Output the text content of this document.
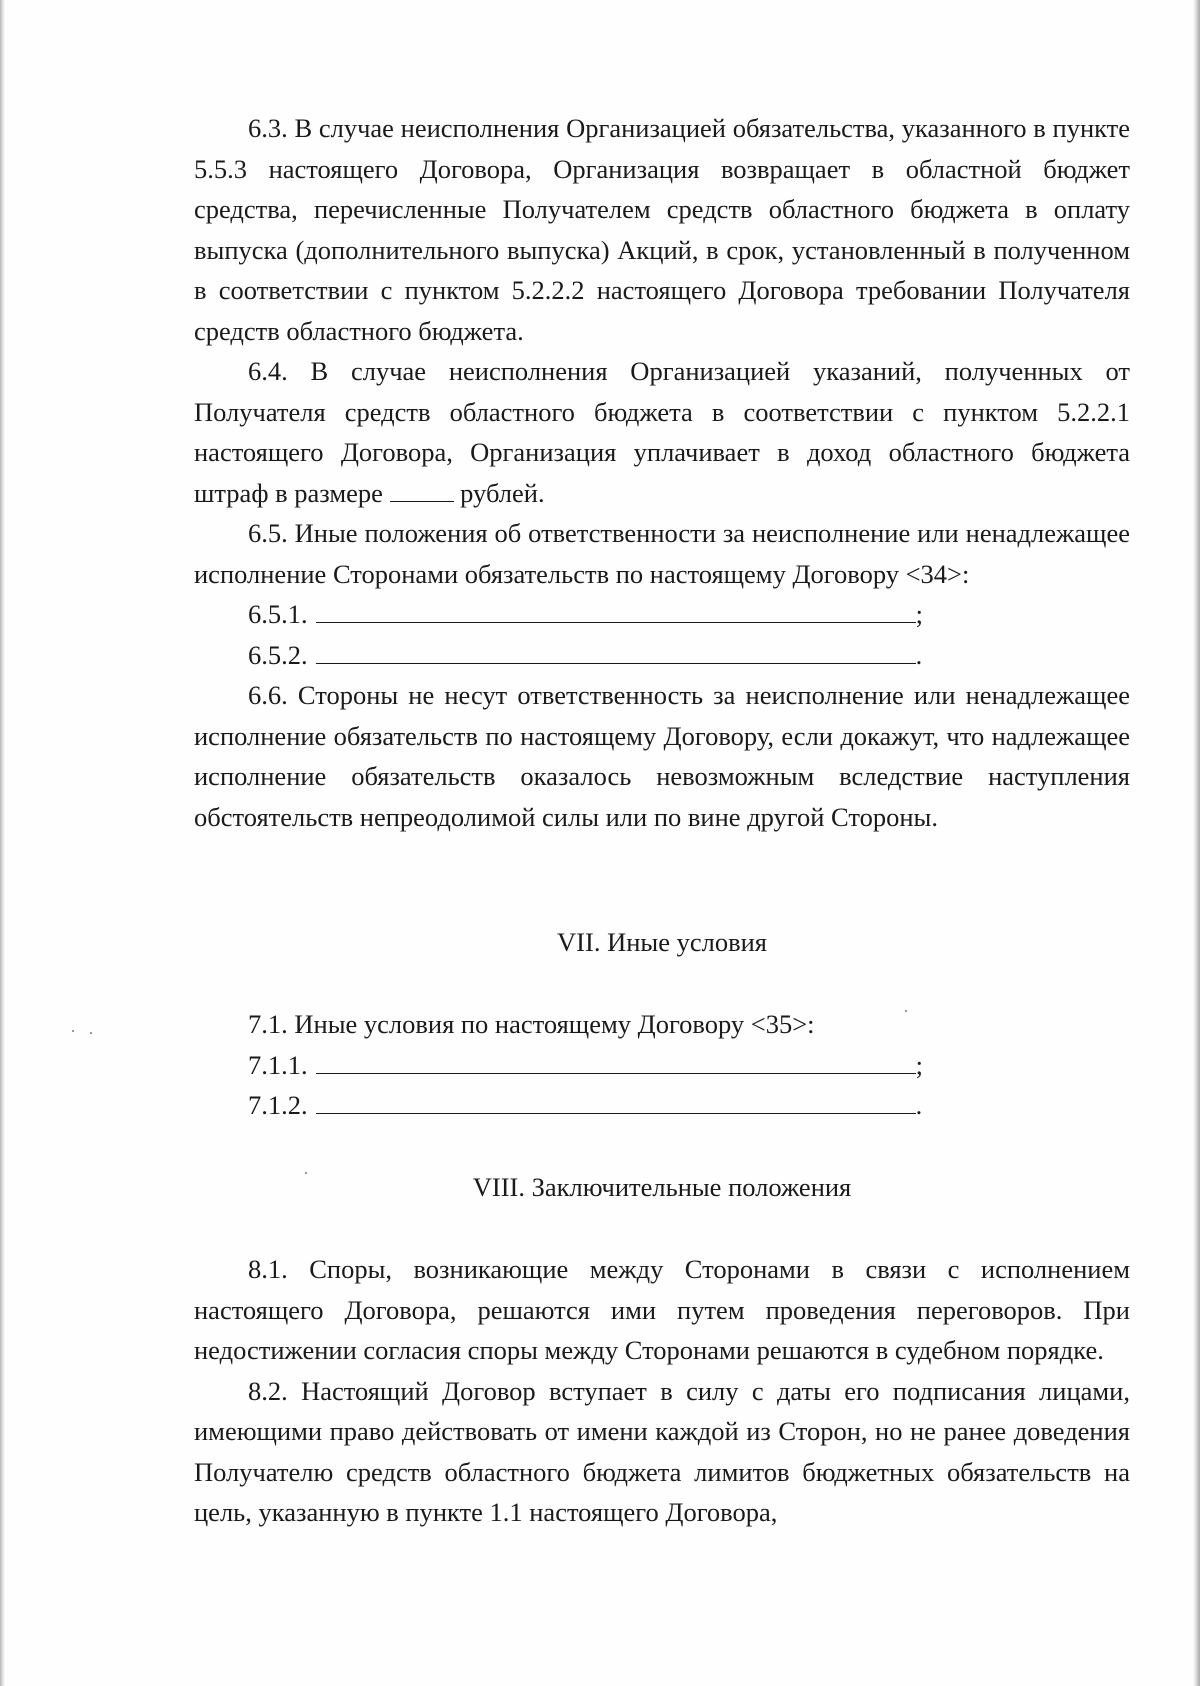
6.3. В случае неисполнения Организацией обязательства, указанного в пункте 5.5.3 настоящего Договора, Организация возвращает в областной бюджет средства, перечисленные Получателем средств областного бюджета в оплату выпуска (дополнительного выпуска) Акций, в срок, установленный в полученном в соответствии с пунктом 5.2.2.2 настоящего Договора требовании Получателя средств областного бюджета.

6.4. В случае неисполнения Организацией указаний, полученных от Получателя средств областного бюджета в соответствии с пунктом 5.2.2.1 настоящего Договора, Организация уплачивает в доход областного бюджета штраф в размере  рублей.

6.5. Иные положения об ответственности за неисполнение или ненадлежащее исполнение Сторонами обязательств по настоящему Договору <34>:

6.5.1.	;
6.5.2.	.

6.6. Стороны не несут ответственность за неисполнение или ненадлежащее исполнение обязательств по настоящему Договору, если докажут, что надлежащее исполнение обязательств оказалось невозможным вследствие наступления обстоятельств непреодолимой силы или по вине другой Стороны.

VII. Иные условия

7.1. Иные условия по настоящему Договору <35>:

7.1.1.	;
7.1.2.	.

VIII. Заключительные положения

8.1. Споры, возникающие между Сторонами в связи с исполнением настоящего Договора, решаются ими путем проведения переговоров. При недостижении согласия споры между Сторонами решаются в судебном порядке.

8.2. Настоящий Договор вступает в силу с даты его подписания лицами, имеющими право действовать от имени каждой из Сторон, но не ранее доведения Получателю средств областного бюджета лимитов бюджетных обязательств на цель, указанную в пункте 1.1 настоящего Договора,
